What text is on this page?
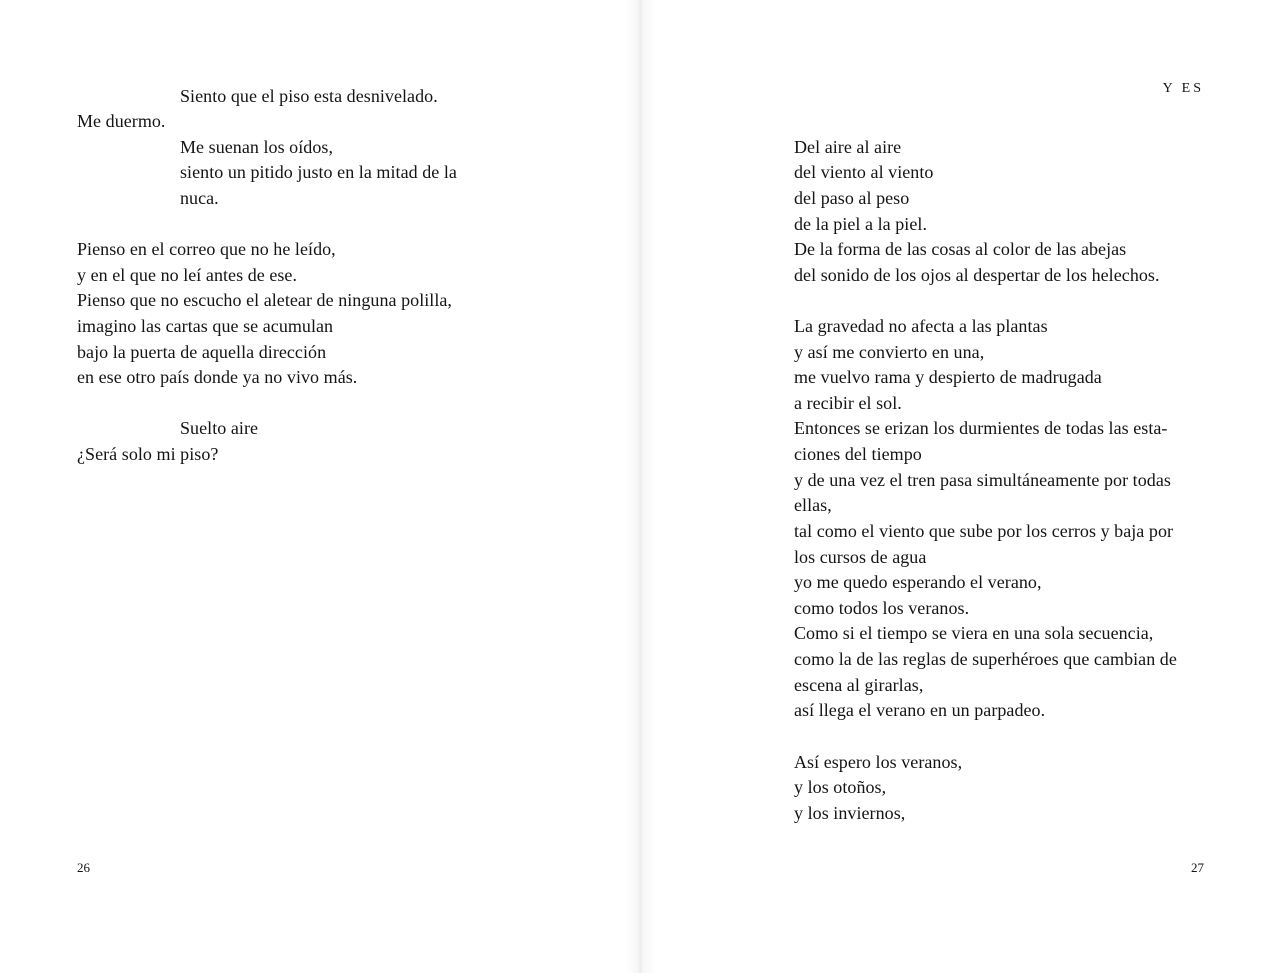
Siento que el piso esta desnivelado.
Me duermo.
Me suenan los oídos,
siento un pitido justo en la mitad de la
nuca.
Pienso en el correo que no he leído,
y en el que no leí antes de ese.
Pienso que no escucho el aletear de ninguna polilla,
imagino las cartas que se acumulan
bajo la puerta de aquella dirección
en ese otro país donde ya no vivo más.
Suelto aire
¿Será solo mi piso?
26
Y ES
27
Del aire al aire
del viento al viento
del paso al peso
de la piel a la piel.
De la forma de las cosas al color de las abejas
del sonido de los ojos al despertar de los helechos.
La gravedad no afecta a las plantas
y así me convierto en una,
me vuelvo rama y despierto de madrugada
a recibir el sol.
Entonces se erizan los durmientes de todas las esta-
ciones del tiempo
y de una vez el tren pasa simultáneamente por todas
ellas,
tal como el viento que sube por los cerros y baja por
los cursos de agua
yo me quedo esperando el verano,
como todos los veranos.
Como si el tiempo se viera en una sola secuencia,
como la de las reglas de superhéroes que cambian de
escena al girarlas,
así llega el verano en un parpadeo.
Así espero los veranos,
y los otoños,
y los inviernos,
